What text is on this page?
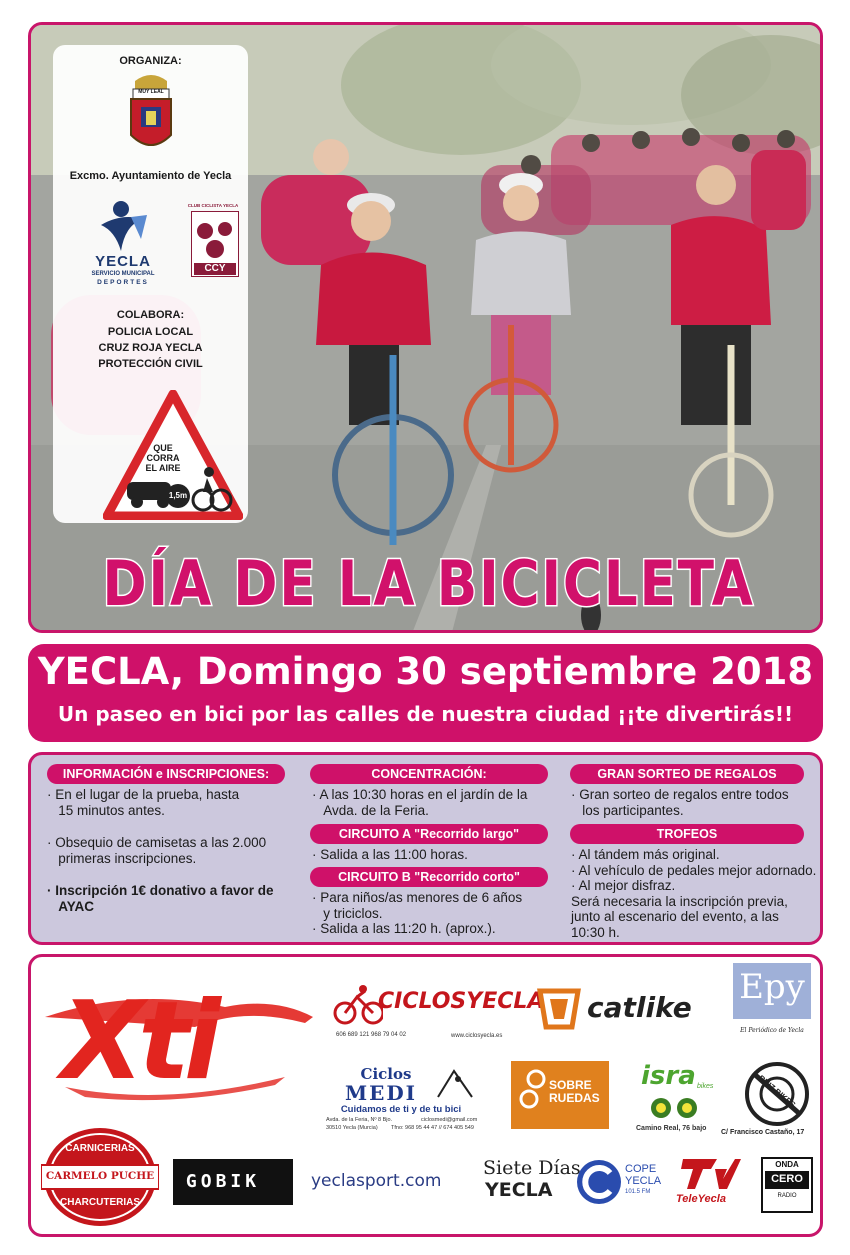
ORGANIZA:
MUY LEAL
Excmo. Ayuntamiento de Yecla
YECLA
SERVICIO MUNICIPAL
DEPORTES
CLUB CICLISTA YECLA
CCY
COLABORA:
POLICIA LOCAL
CRUZ ROJA YECLA
PROTECCIÓN CIVIL
QUE
CORRA
EL AIRE
1,5m
DÍA DE LA BICICLETA
YECLA, Domingo 30 septiembre 2018
Un paseo en bici por las calles de nuestra ciudad ¡¡te divertirás!!
INFORMACIÓN e INSCRIPCIONES:
· En el lugar de la prueba, hasta
15 minutos antes.
· Obsequio de camisetas a las 2.000
primeras inscripciones.
· Inscripción 1€ donativo a favor de
AYAC
CONCENTRACIÓN:
· A las 10:30 horas en el jardín de la
Avda. de la Feria.
CIRCUITO A "Recorrido largo"
· Salida a las 11:00 horas.
CIRCUITO B "Recorrido corto"
· Para niños/as menores de 6 años
y triciclos.
· Salida a las 11:20 h. (aprox.).
GRAN SORTEO DE REGALOS
· Gran sorteo de regalos entre todos
los participantes.
TROFEOS
· Al tándem más original.
· Al vehículo de pedales mejor adornado.
· Al mejor disfraz.
Será necesaria la inscripción previa,
junto al escenario del evento, a las
10:30 h.
Xti	CICLOSYECLA
606 689 121 968 79 04 02	www.ciclosyecla.es
catlike
Epy
El Periódico de Yecla
Ciclos
MEDI
Cuidamos de ti y de tu bici
Avda. de la Feria, Nº 8 Bjo.	ciclosmedi@gmail.com
30510 Yecla (Murcia) Tfno: 968 95 44 47 // 674 405 549
SOBRE RUEDAS
isra bikes
Camino Real, 76 bajo
RUIZ BIKES
C/ Francisco Castaño, 17
CARNICERIAS
CARMELO PUCHE
CHARCUTERIAS
GOBIK	yeclasport.com
Siete Días
YECLA
COPE
YECLA
101.5 FM
TeleYecla
ONDA
CERO
RADIO
